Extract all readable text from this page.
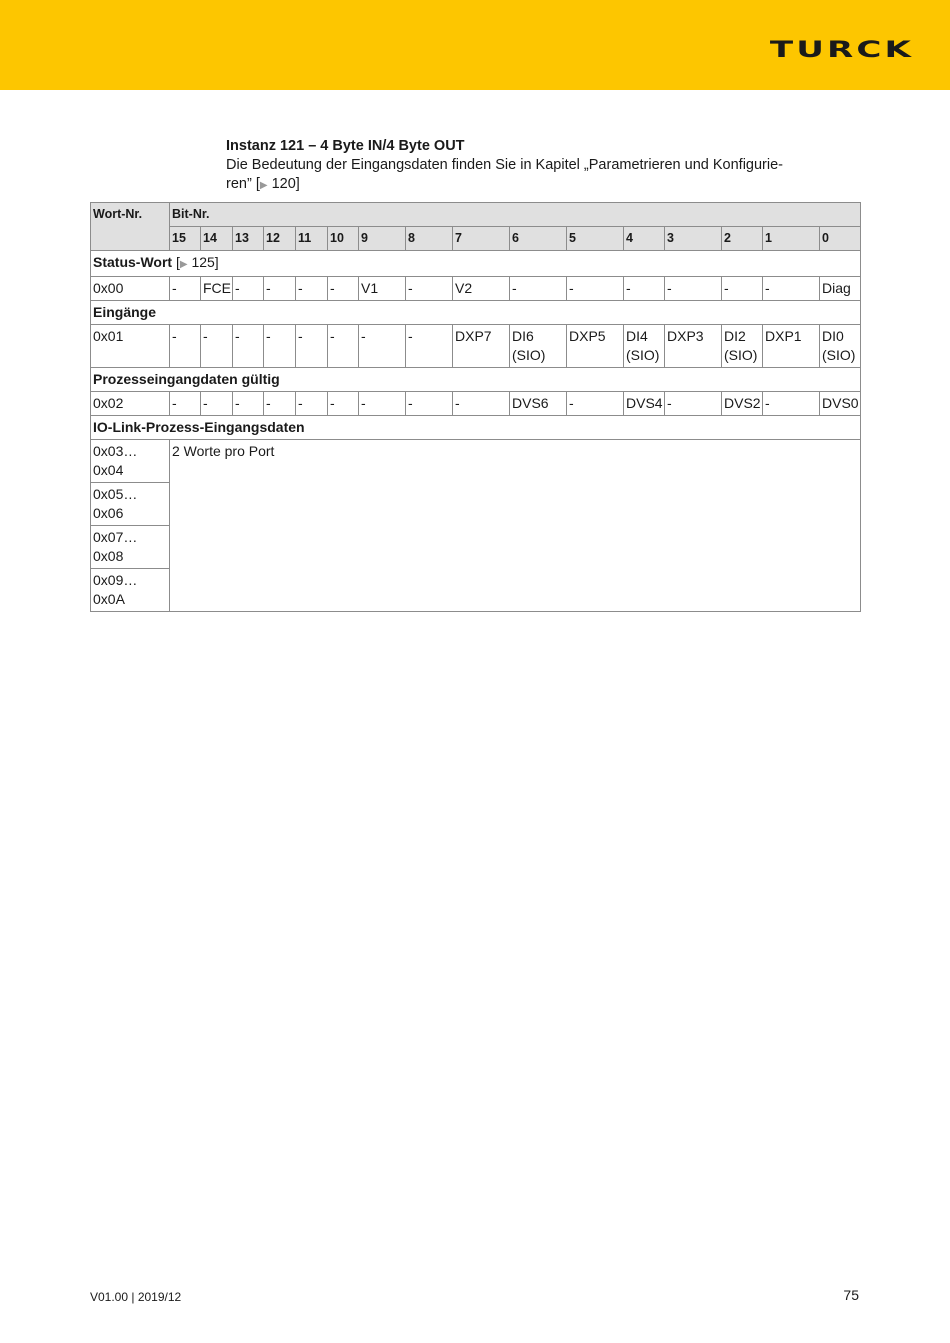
TURCK
Instanz 121 – 4 Byte IN/4 Byte OUT
Die Bedeutung der Eingangsdaten finden Sie in Kapitel „Parametrieren und Konfigurie-
ren” [▶ 120]
Wort-Nr.	Bit-Nr.															
	15	14	13	12	11	10	9	8	7	6	5	4	3	2	1	0
Status-Wort [▶ 125]																
0x00	-	FCE	-	-	-	-	V1	-	V2	-	-	-	-	-	-	Diag
Eingänge																
0x01	-	-	-	-	-	-	-	-	DXP7	DI6 (SIO)	DXP5	DI4 (SIO)	DXP3	DI2 (SIO)	DXP1	DI0 (SIO)
Prozesseingangdaten gültig																
0x02	-	-	-	-	-	-	-	-	-	DVS6	-	DVS4	-	DVS2	-	DVS0
IO-Link-Prozess-Eingangsdaten																

0x03…
0x04	2 Worte pro Port															

0x05…
0x06																

0x07…
0x08																

0x09…
0x0A																
V01.00 | 2019/12	75
